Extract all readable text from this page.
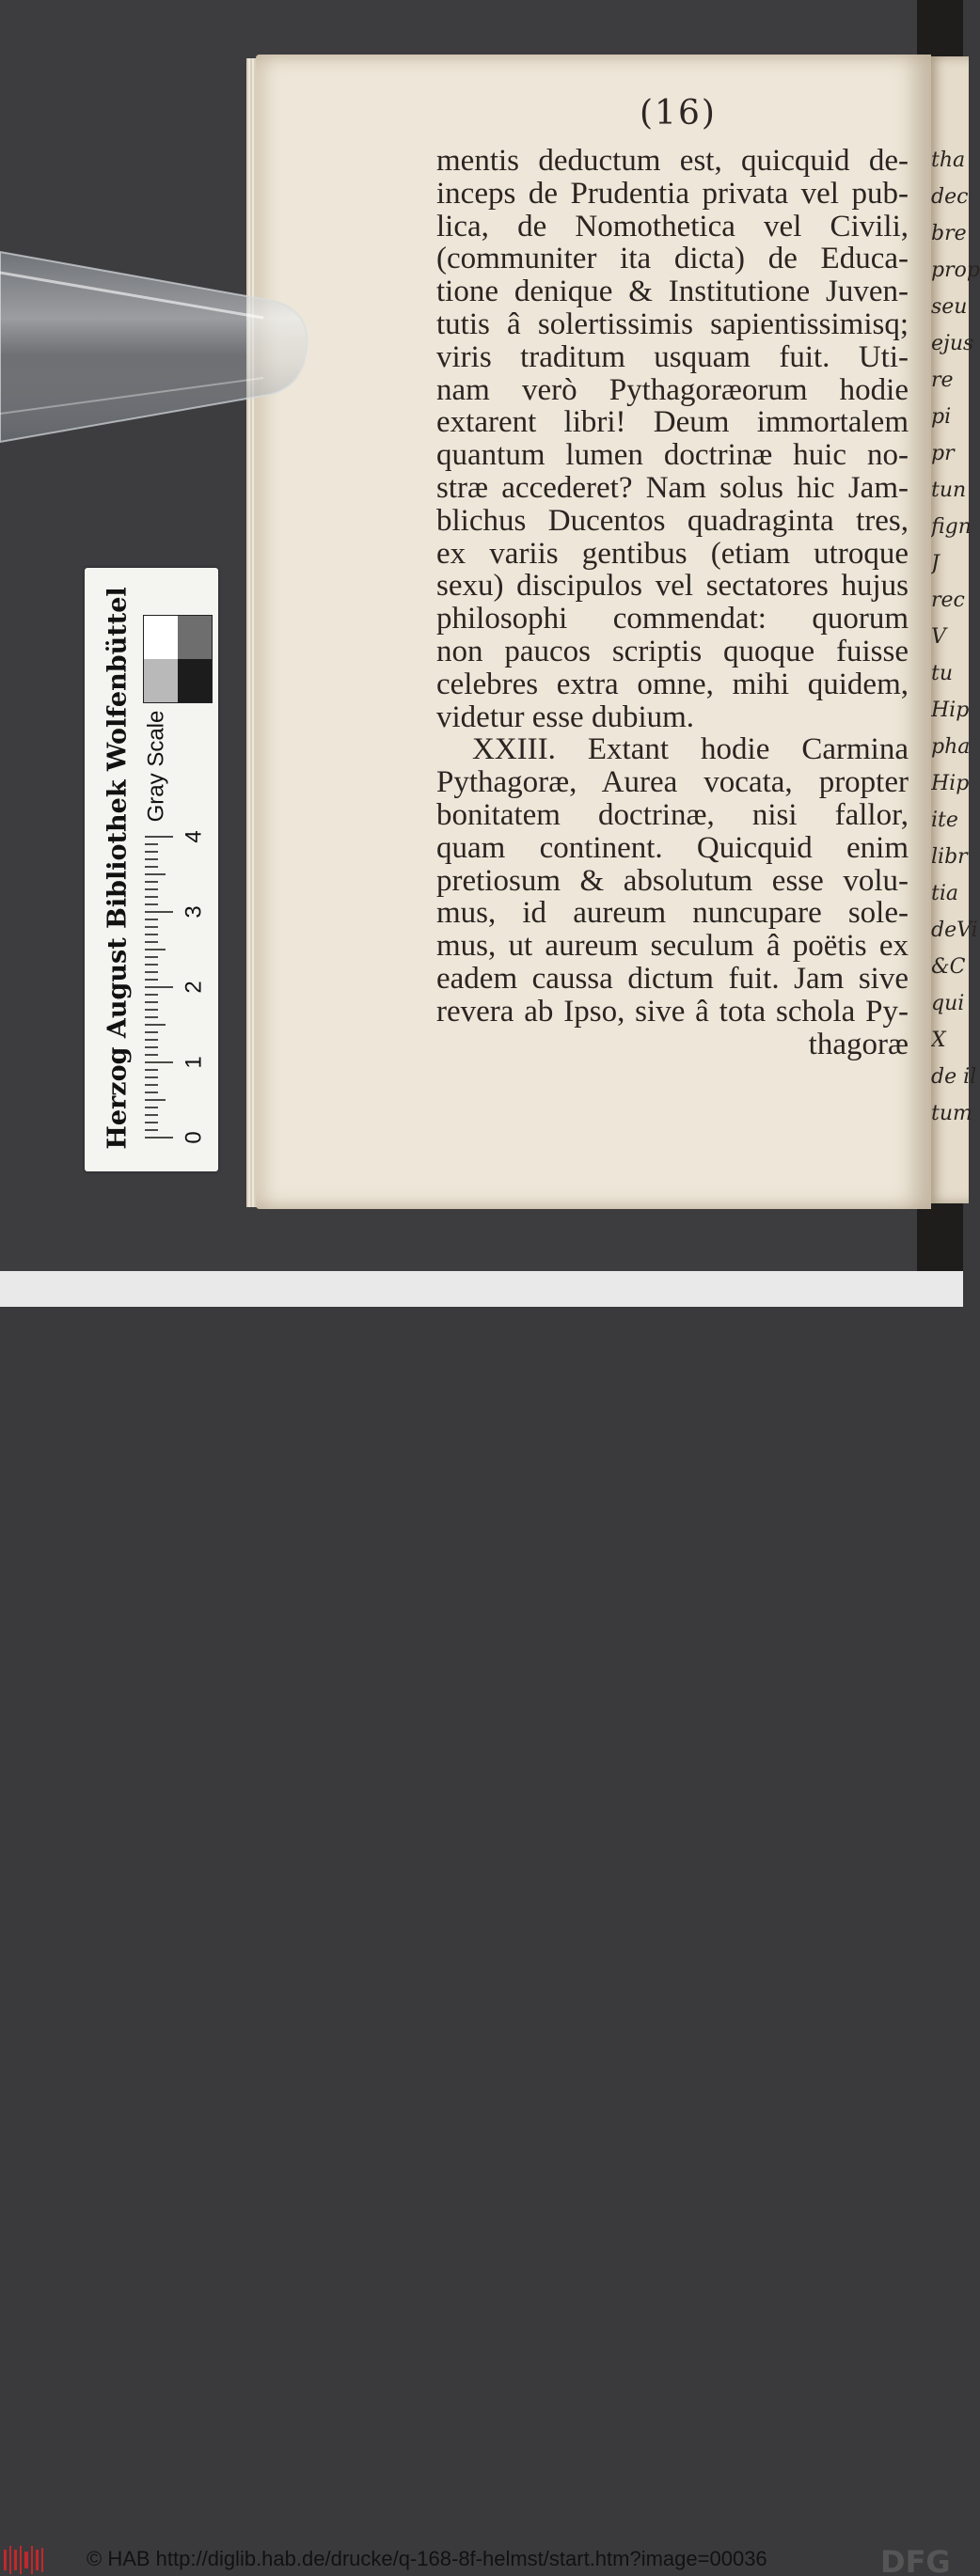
tha
dec
bre
prop
seu
ejus
re
pi
pr
tun
fign
J
rec
V
tu
Hip
pha
Hip
ite
libr
tia
deVi
&C
qui
X
de il
tum
(16)
mentis deductum est, quicquid de-
inceps de Prudentia privata vel pub-
lica, de Nomothetica vel Civili,
(communiter ita dicta) de Educa-
tione denique & Institutione Juven-
tutis â solertissimis sapientissimisq;
viris traditum usquam fuit. Uti-
nam verò Pythagoræorum hodie
extarent libri! Deum immortalem
quantum lumen doctrinæ huic no-
stræ accederet? Nam solus hic Jam-
blichus Ducentos quadraginta tres,
ex variis gentibus (etiam utroque
sexu) discipulos vel sectatores hujus
philosophi commendat: quorum
non paucos scriptis quoque fuisse
celebres extra omne, mihi quidem,
videtur esse dubium.
XXIII. Extant hodie Carmina
Pythagoræ, Aurea vocata, propter
bonitatem doctrinæ, nisi fallor,
quam continent. Quicquid enim
pretiosum & absolutum esse volu-
mus, id aureum nuncupare sole-
mus, ut aureum seculum â poëtis ex
eadem caussa dictum fuit. Jam sive
revera ab Ipso, sive â tota schola Py-
thagoræ
Herzog August Bibliothek Wolfenbüttel Gray Scale
0
1
2
3
4
© HAB http://diglib.hab.de/drucke/q-168-8f-helmst/start.htm?image=00036	DFG
